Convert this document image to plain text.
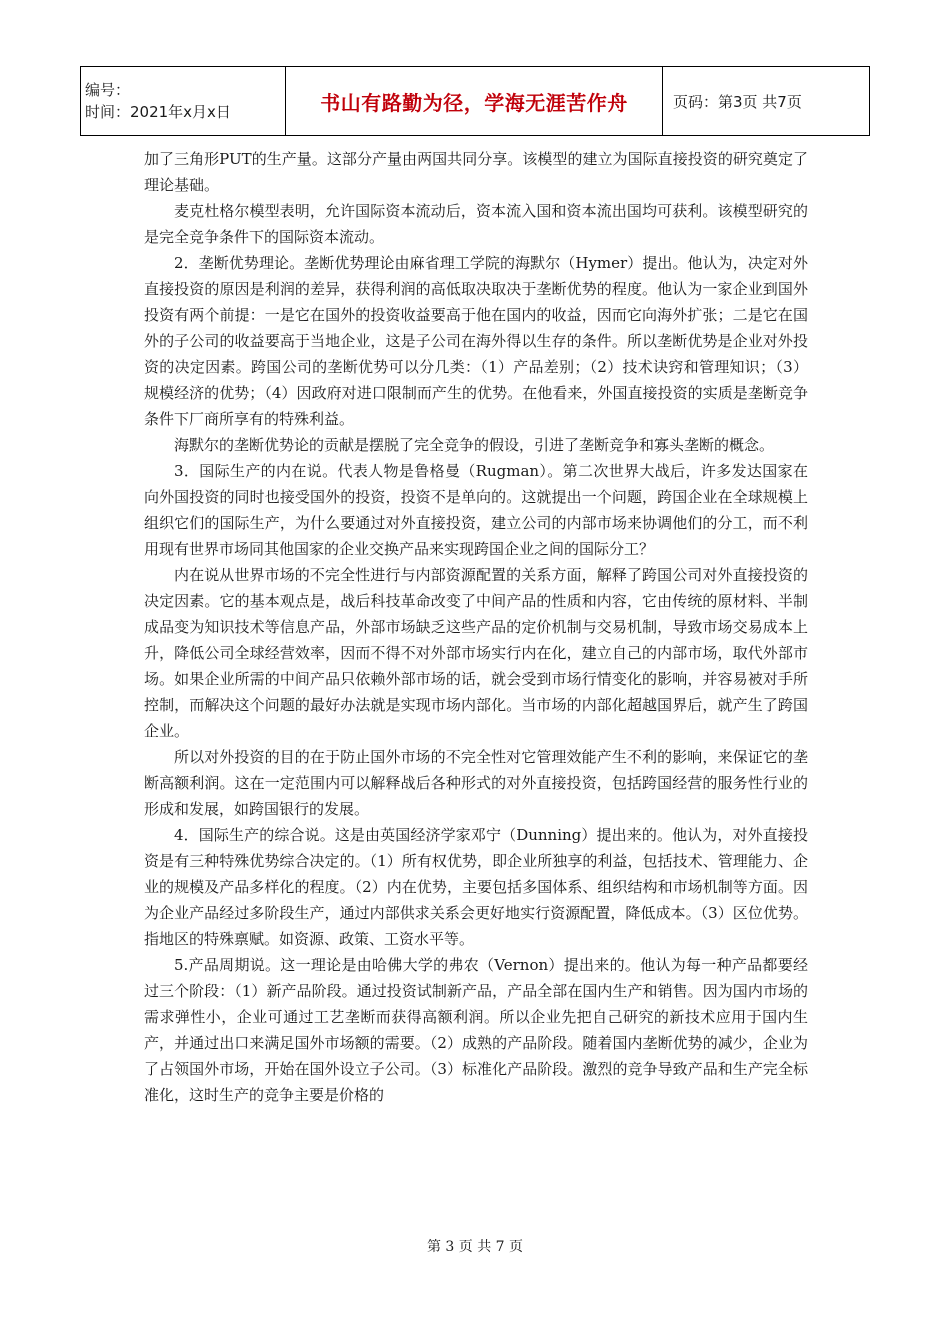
编号：
时间：2021年x月x日	书山有路勤为径，学海无涯苦作舟	页码：第3页 共7页

加了三角形PUT的生产量。这部分产量由两国共同分享。该模型的建立为国际直接投资的研究奠定了理论基础。

麦克杜格尔模型表明，允许国际资本流动后，资本流入国和资本流出国均可获利。该模型研究的是完全竞争条件下的国际资本流动。

2．垄断优势理论。垄断优势理论由麻省理工学院的海默尔（Hymer）提出。他认为，决定对外直接投资的原因是利润的差异，获得利润的高低取决取决于垄断优势的程度。他认为一家企业到国外投资有两个前提：一是它在国外的投资收益要高于他在国内的收益，因而它向海外扩张；二是它在国外的子公司的收益要高于当地企业，这是子公司在海外得以生存的条件。所以垄断优势是企业对外投资的决定因素。跨国公司的垄断优势可以分几类：（1）产品差别；（2）技术诀窍和管理知识；（3）规模经济的优势；（4）因政府对进口限制而产生的优势。在他看来，外国直接投资的实质是垄断竞争条件下厂商所享有的特殊利益。

海默尔的垄断优势论的贡献是摆脱了完全竞争的假设，引进了垄断竞争和寡头垄断的概念。

3．国际生产的内在说。代表人物是鲁格曼（Rugman）。第二次世界大战后，许多发达国家在向外国投资的同时也接受国外的投资，投资不是单向的。这就提出一个问题，跨国企业在全球规模上组织它们的国际生产，为什么要通过对外直接投资，建立公司的内部市场来协调他们的分工，而不利用现有世界市场同其他国家的企业交换产品来实现跨国企业之间的国际分工？

内在说从世界市场的不完全性进行与内部资源配置的关系方面，解释了跨国公司对外直接投资的决定因素。它的基本观点是，战后科技革命改变了中间产品的性质和内容，它由传统的原材料、半制成品变为知识技术等信息产品，外部市场缺乏这些产品的定价机制与交易机制，导致市场交易成本上升，降低公司全球经营效率，因而不得不对外部市场实行内在化，建立自己的内部市场，取代外部市场。如果企业所需的中间产品只依赖外部市场的话，就会受到市场行情变化的影响，并容易被对手所控制，而解决这个问题的最好办法就是实现市场内部化。当市场的内部化超越国界后，就产生了跨国企业。

所以对外投资的目的在于防止国外市场的不完全性对它管理效能产生不利的影响，来保证它的垄断高额利润。这在一定范围内可以解释战后各种形式的对外直接投资，包括跨国经营的服务性行业的形成和发展，如跨国银行的发展。

4．国际生产的综合说。这是由英国经济学家邓宁（Dunning）提出来的。他认为，对外直接投资是有三种特殊优势综合决定的。（1）所有权优势，即企业所独享的利益，包括技术、管理能力、企业的规模及产品多样化的程度。（2）内在优势，主要包括多国体系、组织结构和市场机制等方面。因为企业产品经过多阶段生产，通过内部供求关系会更好地实行资源配置，降低成本。（3）区位优势。指地区的特殊禀赋。如资源、政策、工资水平等。

5.产品周期说。这一理论是由哈佛大学的弗农（Vernon）提出来的。他认为每一种产品都要经过三个阶段：（1）新产品阶段。通过投资试制新产品，产品全部在国内生产和销售。因为国内市场的需求弹性小，企业可通过工艺垄断而获得高额利润。所以企业先把自己研究的新技术应用于国内生产，并通过出口来满足国外市场额的需要。（2）成熟的产品阶段。随着国内垄断优势的减少，企业为了占领国外市场，开始在国外设立子公司。（3）标准化产品阶段。激烈的竞争导致产品和生产完全标准化，这时生产的竞争主要是价格的

第 3 页 共 7 页
